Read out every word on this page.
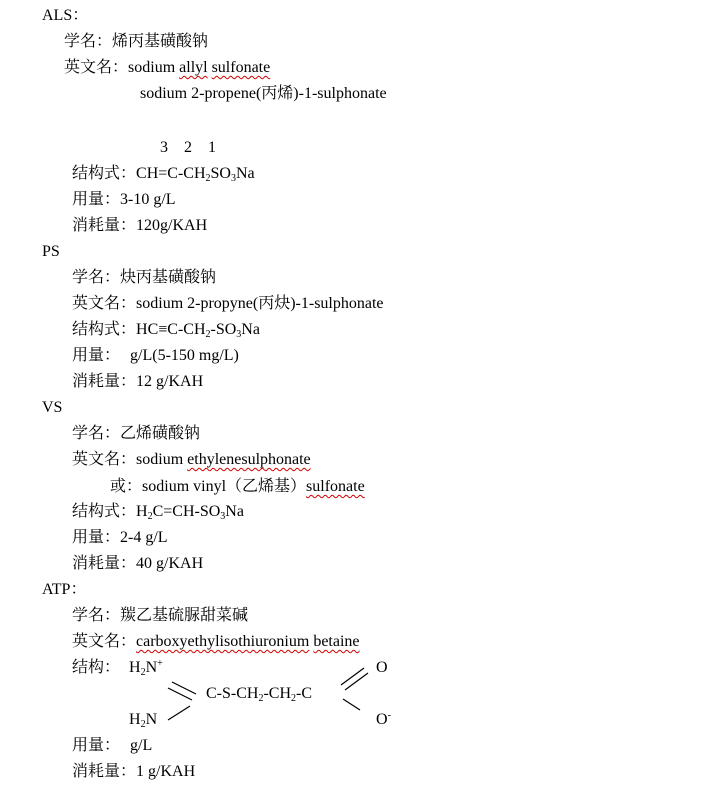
ALS：
学名：烯丙基磺酸钠
英文名：sodium allyl sulfonate
sodium 2-propene(丙烯)-1-sulphonate
3    2    1
结构式：$CH=C-CH_2SO_3Na$
用量：3-10 g/L
消耗量：120g/KAH
PS
学名：炔丙基磺酸钠
英文名：sodium 2-propyne(丙炔)-1-sulphonate
结构式：$HC\equiv C-CH_2-SO_3Na$
用量： g/L(5-150 mg/L)
消耗量：12 g/KAH
VS
学名：乙烯磺酸钠
英文名：sodium ethylenesulphonate
或：sodium vinyl（乙烯基）sulfonate
结构式：$H_2C=CH-SO_3Na$
用量：2-4 g/L
消耗量：40 g/KAH
ATP：
学名：羰乙基硫脲甜菜碱
英文名：carboxyethylisothiuronium betaine
结构： $H_2N^+$	O
$C-S-CH_2-CH_2-C$
$H_2N$	O-
用量： g/L
消耗量：1 g/KAH
